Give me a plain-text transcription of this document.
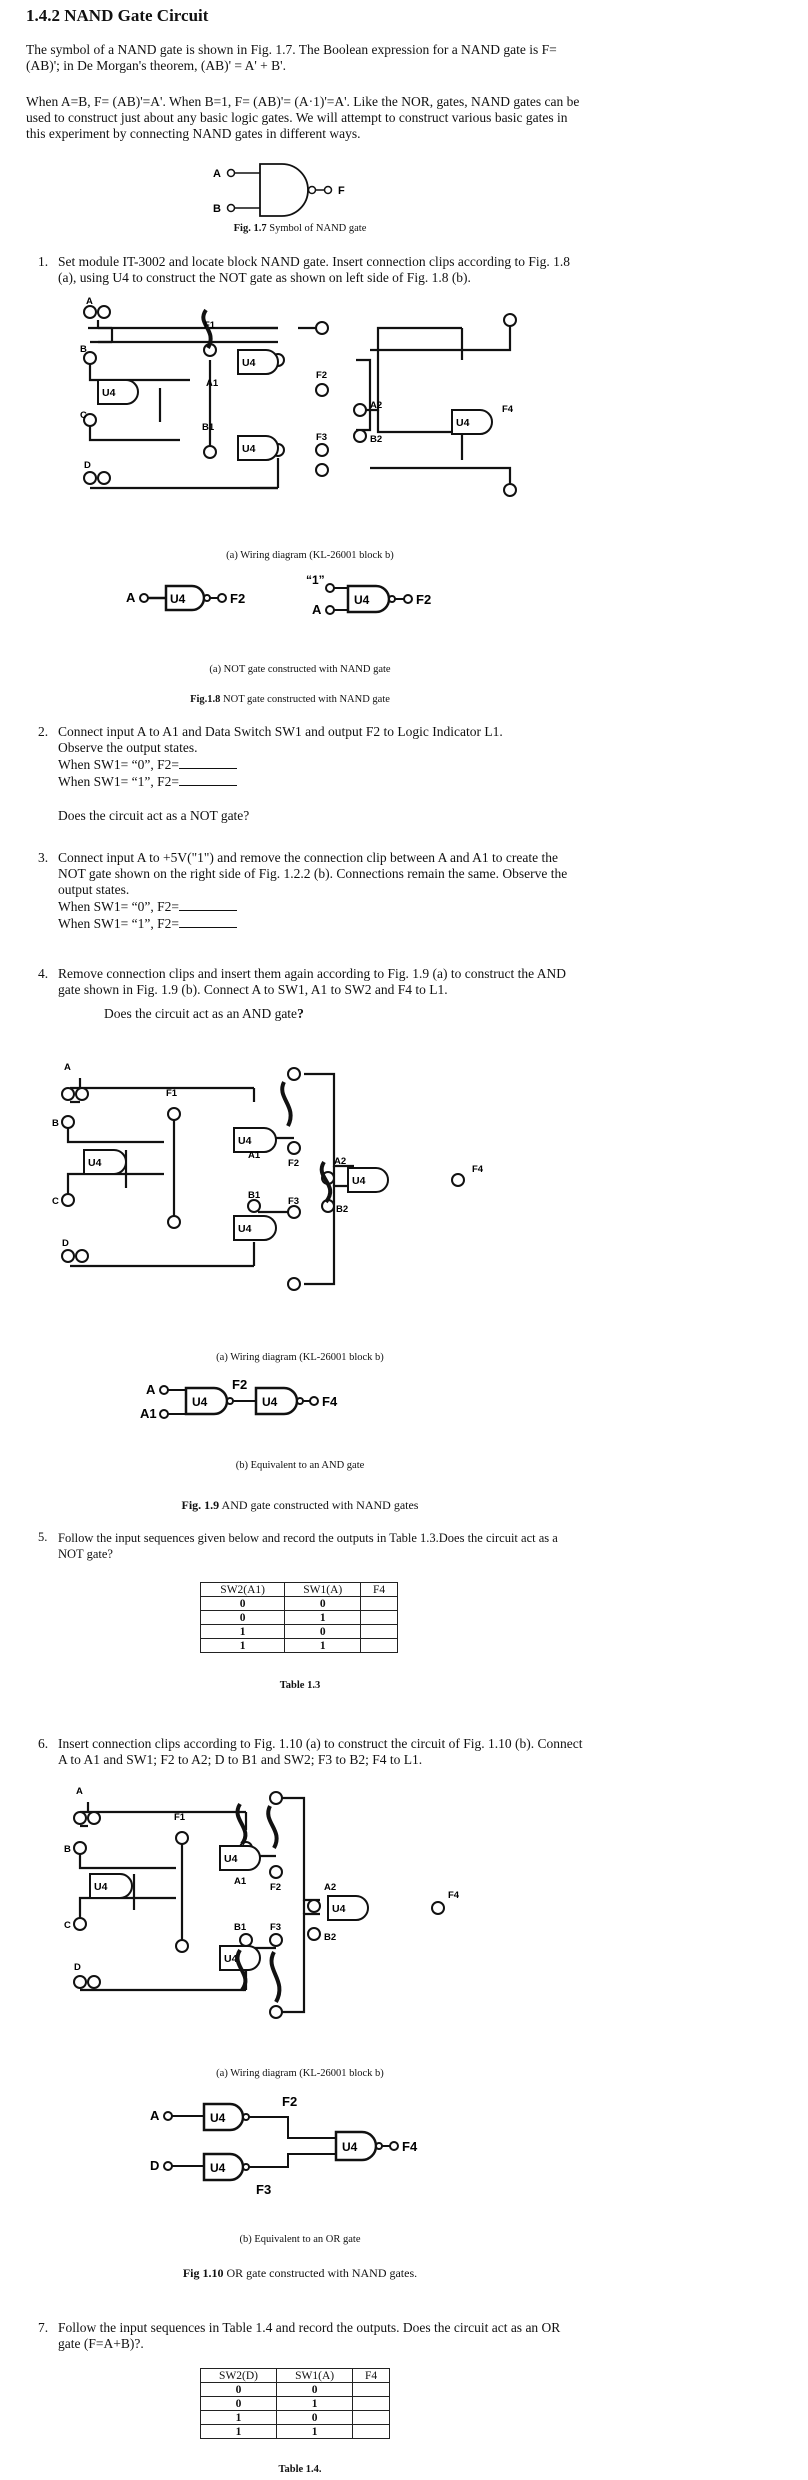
1.4.2 NAND Gate Circuit

The symbol of a NAND gate is shown in Fig. 1.7. The Boolean expression for a NAND gate is F= (AB)'; in De Morgan's theorem, (AB)' = A' + B'.

When A=B, F= (AB)'=A'. When B=1, F= (AB)'= (A·1)'=A'. Like the NOR, gates, NAND gates can be used to construct just about any basic logic gates. We will attempt to construct various basic gates in this experiment by connecting NAND gates in different ways.

A
B
F
Fig. 1.7 Symbol of NAND gate
1. Set module IT-3002 and locate block NAND gate. Insert connection clips according to Fig. 1.8 (a), using U4 to construct the NOT gate as shown on left side of Fig. 1.8 (b).

U4
U4
U4
U4
A
B
C
D
F1
A1
B1
F2
F3
A2
B2
F4
(a) Wiring diagram (KL-26001 block b)
A	U4	F2
“1”
A
U4	F2
(a) NOT gate constructed with NAND gate
Fig.1.8 NOT gate constructed with NAND gate
2. Connect input A to A1 and Data Switch SW1 and output F2 to Logic Indicator L1.

Observe the output states.

When SW1= “0”, F2=

When SW1= “1”, F2=

Does the circuit act as a NOT gate?

3. Connect input A to +5V("1") and remove the connection clip between A and A1 to create the NOT gate shown on the right side of Fig. 1.2.2 (b). Connections remain the same. Observe the output states.

When SW1= “0”, F2=

When SW1= “1”, F2=

4. Remove connection clips and insert them again according to Fig. 1.9 (a) to construct the AND gate shown in Fig. 1.9 (b). Connect A to SW1, A1 to SW2 and F4 to L1.

Does the circuit act as an AND gate?

U4
U4
U4
U4
A
B
C
D
F1
A1
B1
F2
F3
A2
B2
F4
(a) Wiring diagram (KL-26001 block b)
A
A1
U4
F2
U4	F4
(b) Equivalent to an AND gate
Fig. 1.9 AND gate constructed with NAND gates
5. Follow the input sequences given below and record the outputs in Table 1.3.Does the circuit act as a NOT gate?

SW2(A1)	SW1(A)	F4
0	0	
0	1	
1	0	
1	1	
Table 1.3
6. Insert connection clips according to Fig. 1.10 (a) to construct the circuit of Fig. 1.10 (b). Connect A to A1 and SW1; F2 to A2; D to B1 and SW2; F3 to B2; F4 to L1.

U4
U4
U4
U4
A
B
C
D
F1
A1
B1
F2
F3
A2
B2
F4
(a) Wiring diagram (KL-26001 block b)
A	U4
F2
D	U4
F3
U4	F4
(b) Equivalent to an OR gate
Fig 1.10 OR gate constructed with NAND gates.
7. Follow the input sequences in Table 1.4 and record the outputs. Does the circuit act as an OR gate (F=A+B)?.

SW2(D)	SW1(A)	F4
0	0	
0	1	
1	0	
1	1	
Table 1.4.
